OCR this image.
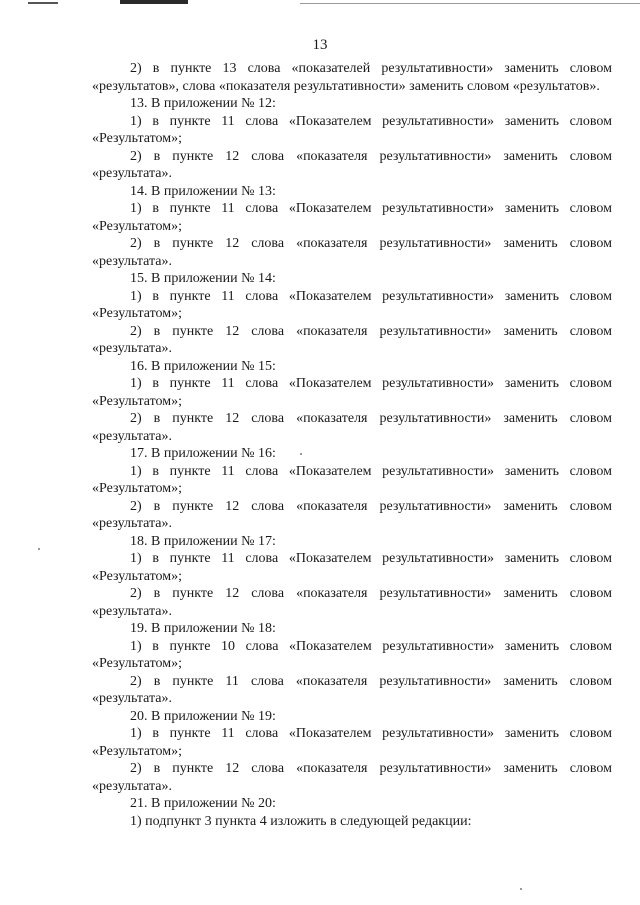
13

2) в пункте 13 слова «показателей результативности» заменить словом «результатов», слова «показателя результативности» заменить словом «результатов».

13. В приложении № 12:

1) в пункте 11 слова «Показателем результативности» заменить словом «Результатом»;

2) в пункте 12 слова «показателя результативности» заменить словом «результата».

14. В приложении № 13:

1) в пункте 11 слова «Показателем результативности» заменить словом «Результатом»;

2) в пункте 12 слова «показателя результативности» заменить словом «результата».

15. В приложении № 14:

1) в пункте 11 слова «Показателем результативности» заменить словом «Результатом»;

2) в пункте 12 слова «показателя результативности» заменить словом «результата».

16. В приложении № 15:

1) в пункте 11 слова «Показателем результативности» заменить словом «Результатом»;

2) в пункте 12 слова «показателя результативности» заменить словом «результата».

17. В приложении № 16:

1) в пункте 11 слова «Показателем результативности» заменить словом «Результатом»;

2) в пункте 12 слова «показателя результативности» заменить словом «результата».

18. В приложении № 17:

1) в пункте 11 слова «Показателем результативности» заменить словом «Результатом»;

2) в пункте 12 слова «показателя результативности» заменить словом «результата».

19. В приложении № 18:

1) в пункте 10 слова «Показателем результативности» заменить словом «Результатом»;

2) в пункте 11 слова «показателя результативности» заменить словом «результата».

20. В приложении № 19:

1) в пункте 11 слова «Показателем результативности» заменить словом «Результатом»;

2) в пункте 12 слова «показателя результативности» заменить словом «результата».

21. В приложении № 20:

1) подпункт 3 пункта 4 изложить в следующей редакции:
